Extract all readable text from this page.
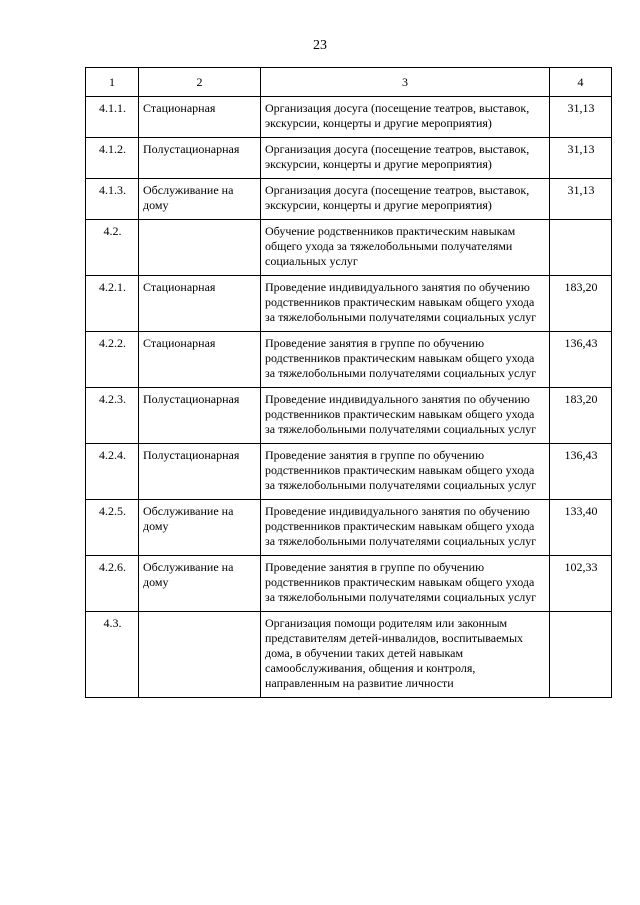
23
1	2	3	4
4.1.1.	Стационарная	Организация досуга (посещение театров, выставок, экскурсии, концерты и другие мероприятия)	31,13
4.1.2.	Полустационарная	Организация досуга (посещение театров, выставок, экскурсии, концерты и другие мероприятия)	31,13
4.1.3.	Обслуживание на дому	Организация досуга (посещение театров, выставок, экскурсии, концерты и другие мероприятия)	31,13
4.2.		Обучение родственников практическим навыкам общего ухода за тяжелобольными получателями социальных услуг	
4.2.1.	Стационарная	Проведение индивидуального занятия по обучению родственников практическим навыкам общего ухода за тяжелобольными получателями социальных услуг	183,20
4.2.2.	Стационарная	Проведение занятия в группе по обучению родственников практическим навыкам общего ухода за тяжелобольными получателями социальных услуг	136,43
4.2.3.	Полустационарная	Проведение индивидуального занятия по обучению родственников практическим навыкам общего ухода за тяжелобольными получателями социальных услуг	183,20
4.2.4.	Полустационарная	Проведение занятия в группе по обучению родственников практическим навыкам общего ухода за тяжелобольными получателями социальных услуг	136,43
4.2.5.	Обслуживание на дому	Проведение индивидуального занятия по обучению родственников практическим навыкам общего ухода за тяжелобольными получателями социальных услуг	133,40
4.2.6.	Обслуживание на дому	Проведение занятия в группе по обучению родственников практическим навыкам общего ухода за тяжелобольными получателями социальных услуг	102,33
4.3.		Организация помощи родителям или законным представителям детей-инвалидов, воспитываемых дома, в обучении таких детей навыкам самообслуживания, общения и контроля, направленным на развитие личности	
